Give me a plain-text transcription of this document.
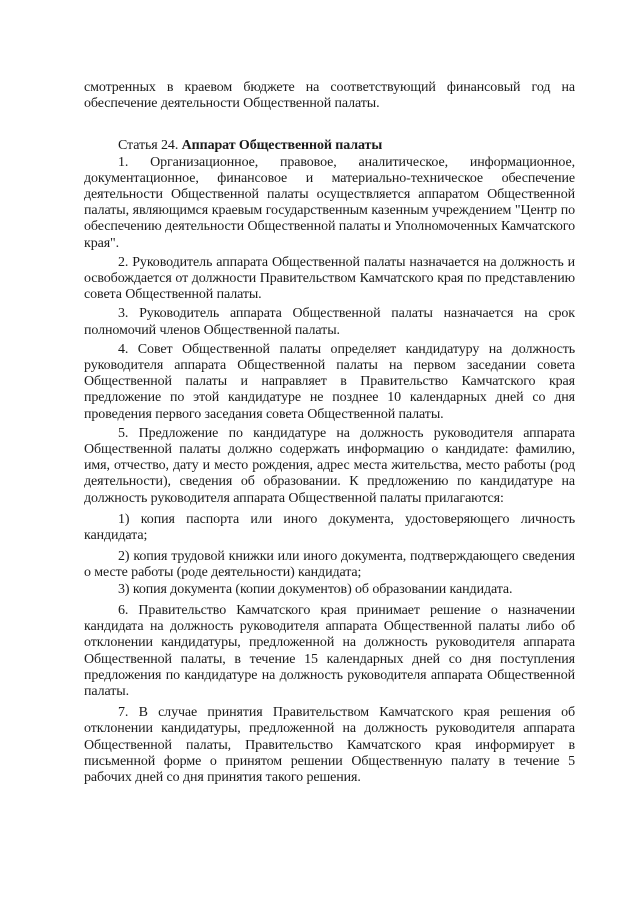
смотренных в краевом бюджете на соответствующий финансовый год на обеспечение деятельности Общественной палаты.

Статья 24. Аппарат Общественной палаты

1. Организационное, правовое, аналитическое, информационное, документационное, финансовое и материально-техническое обеспечение деятельности Общественной палаты осуществляется аппаратом Общественной палаты, являющимся краевым государственным казенным учреждением "Центр по обеспечению деятельности Общественной палаты и Уполномоченных Камчатского края".

2. Руководитель аппарата Общественной палаты назначается на должность и освобождается от должности Правительством Камчатского края по представлению совета Общественной палаты.

3. Руководитель аппарата Общественной палаты назначается на срок полномочий членов Общественной палаты.

4. Совет Общественной палаты определяет кандидатуру на должность руководителя аппарата Общественной палаты на первом заседании совета Общественной палаты и направляет в Правительство Камчатского края предложение по этой кандидатуре не позднее 10 календарных дней со дня проведения первого заседания совета Общественной палаты.

5. Предложение по кандидатуре на должность руководителя аппарата Общественной палаты должно содержать информацию о кандидате: фамилию, имя, отчество, дату и место рождения, адрес места жительства, место работы (род деятельности), сведения об образовании. К предложению по кандидатуре на должность руководителя аппарата Общественной палаты прилагаются:

1) копия паспорта или иного документа, удостоверяющего личность кандидата;

2) копия трудовой книжки или иного документа, подтверждающего сведения о месте работы (роде деятельности) кандидата;

3) копия документа (копии документов) об образовании кандидата.

6. Правительство Камчатского края принимает решение о назначении кандидата на должность руководителя аппарата Общественной палаты либо об отклонении кандидатуры, предложенной на должность руководителя аппарата Общественной палаты, в течение 15 календарных дней со дня поступления предложения по кандидатуре на должность руководителя аппарата Общественной палаты.

7. В случае принятия Правительством Камчатского края решения об отклонении кандидатуры, предложенной на должность руководителя аппарата Общественной палаты, Правительство Камчатского края информирует в письменной форме о принятом решении Общественную палату в течение 5 рабочих дней со дня принятия такого решения.
